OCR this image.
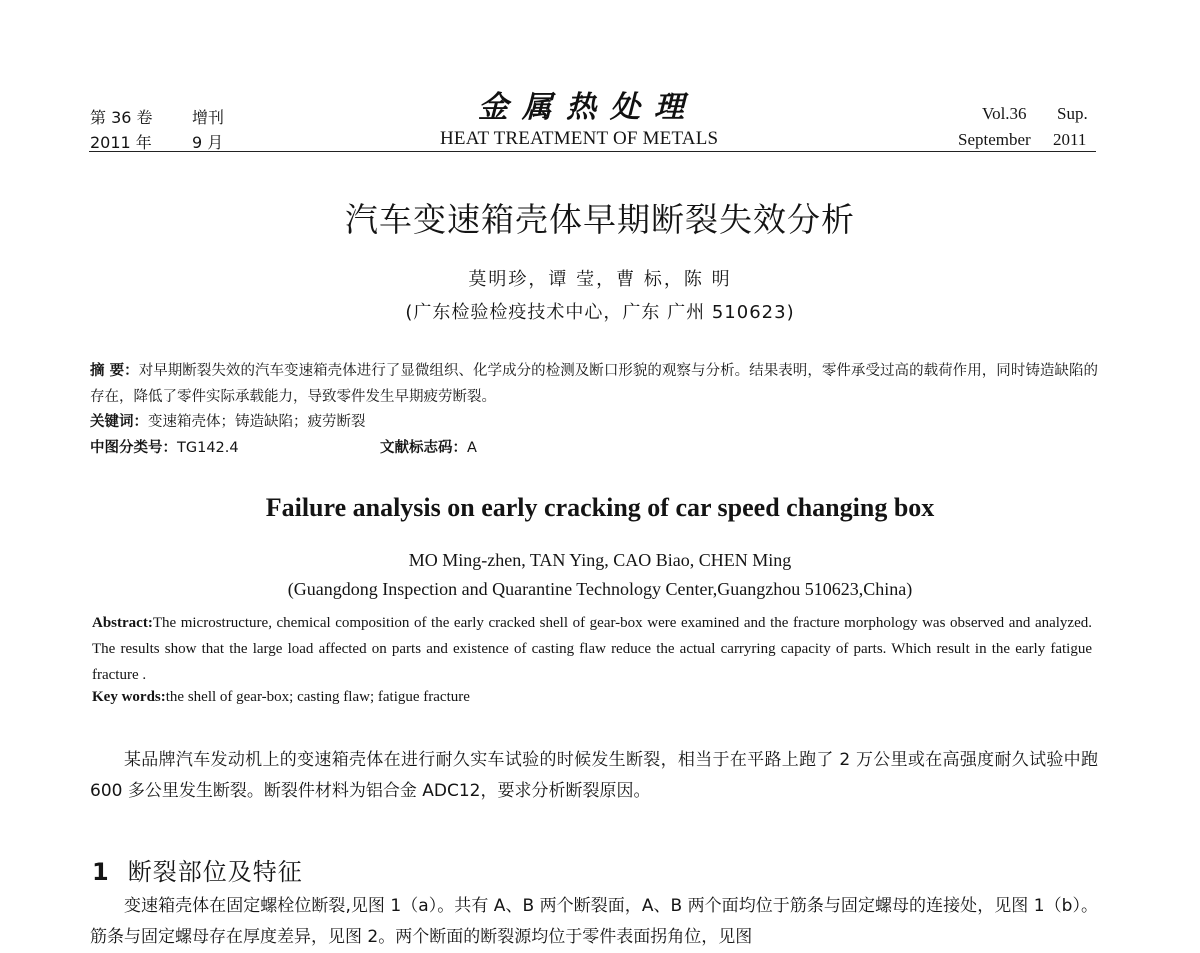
第 36 卷 增刊
2011 年	9 月
金属热处理
HEAT TREATMENT OF METALS
Vol.36 Sup.
September 2011
汽车变速箱壳体早期断裂失效分析
莫明珍，谭 莹，曹 标，陈 明
(广东检验检疫技术中心，广东 广州 510623)
摘 要：对早期断裂失效的汽车变速箱壳体进行了显微组织、化学成分的检测及断口形貌的观察与分析。结果表明，零件承受过高的载荷作用，同时铸造缺陷的存在，降低了零件实际承载能力，导致零件发生早期疲劳断裂。
关键词：变速箱壳体；铸造缺陷；疲劳断裂
中图分类号：TG142.4	文献标志码：A
Failure analysis on early cracking of car speed changing box
MO Ming-zhen, TAN Ying, CAO Biao, CHEN Ming
(Guangdong Inspection and Quarantine Technology Center,Guangzhou 510623,China)
Abstract:The microstructure, chemical composition of the early cracked shell of gear-box were examined and the fracture morphology was observed and analyzed. The results show that the large load affected on parts and existence of casting flaw reduce the actual carryring capacity of parts. Which result in the early fatigue fracture .
Key words:the shell of gear-box; casting flaw; fatigue fracture
某品牌汽车发动机上的变速箱壳体在进行耐久实车试验的时候发生断裂，相当于在平路上跑了 2 万公里或在高强度耐久试验中跑 600 多公里发生断裂。断裂件材料为铝合金 ADC12，要求分析断裂原因。
1 断裂部位及特征
变速箱壳体在固定螺栓位断裂,见图 1（a）。共有 A、B 两个断裂面，A、B 两个面均位于筋条与固定螺母的连接处，见图 1（b）。筋条与固定螺母存在厚度差异，见图 2。两个断面的断裂源均位于零件表面拐角位，见图
